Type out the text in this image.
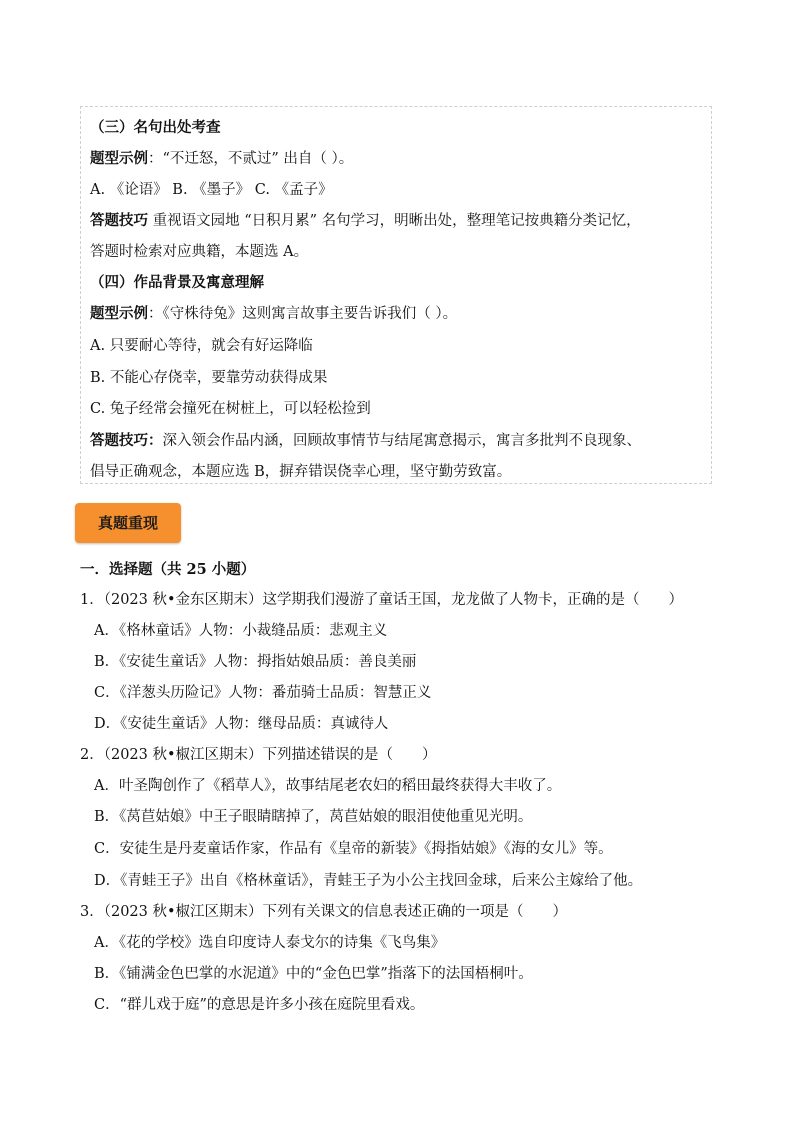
（三）名句出处考查
题型示例：“不迁怒，不贰过” 出自（ ）。
A. 《论语》 B. 《墨子》 C. 《孟子》
答题技巧 重视语文园地 “日积月累” 名句学习，明晰出处，整理笔记按典籍分类记忆，
答题时检索对应典籍，本题选 A。
（四）作品背景及寓意理解
题型示例：《守株待兔》这则寓言故事主要告诉我们（ ）。
A. 只要耐心等待，就会有好运降临
B. 不能心存侥幸，要靠劳动获得成果
C. 兔子经常会撞死在树桩上，可以轻松捡到
答题技巧：深入领会作品内涵，回顾故事情节与结尾寓意揭示，寓言多批判不良现象、
倡导正确观念，本题应选 B，摒弃错误侥幸心理，坚守勤劳致富。
真题重现
一．选择题（共 25 小题）
1．（2023 秋•金东区期末）这学期我们漫游了童话王国，龙龙做了人物卡，正确的是（　　）
A．《格林童话》人物：小裁缝品质：悲观主义
B．《安徒生童话》人物：拇指姑娘品质：善良美丽
C．《洋葱头历险记》人物：番茄骑士品质：智慧正义
D．《安徒生童话》人物：继母品质：真诚待人
2．（2023 秋•椒江区期末）下列描述错误的是（　　）
A．叶圣陶创作了《稻草人》，故事结尾老农妇的稻田最终获得大丰收了。
B．《莴苣姑娘》中王子眼睛瞎掉了，莴苣姑娘的眼泪使他重见光明。
C．安徒生是丹麦童话作家，作品有《皇帝的新装》《拇指姑娘》《海的女儿》等。
D．《青蛙王子》出自《格林童话》，青蛙王子为小公主找回金球，后来公主嫁给了他。
3．（2023 秋•椒江区期末）下列有关课文的信息表述正确的一项是（　　）
A．《花的学校》选自印度诗人泰戈尔的诗集《飞鸟集》
B．《铺满金色巴掌的水泥道》中的“金色巴掌”指落下的法国梧桐叶。
C．“群儿戏于庭”的意思是许多小孩在庭院里看戏。
